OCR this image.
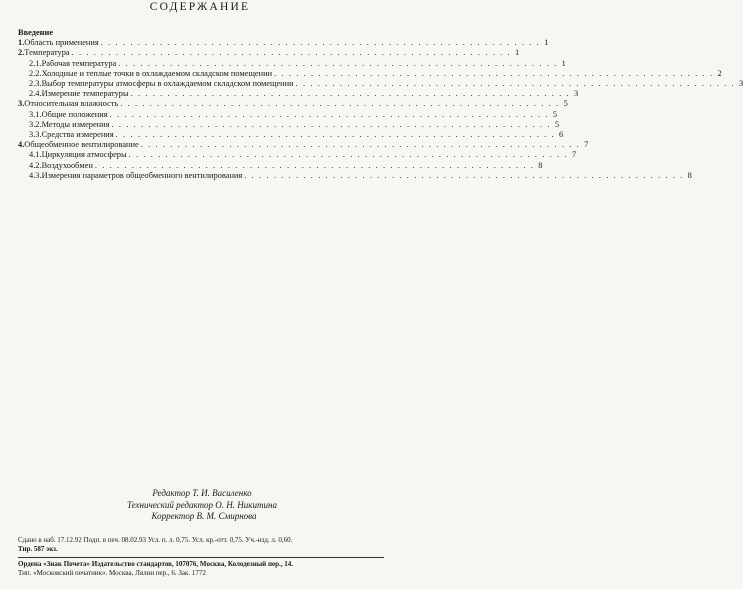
СОДЕРЖАНИЕ
Введение
1. Область применения . . . . . . . . . . . . . . . . . . . . . . . . . . . . . . . . . . . . . . . . . . . . . . . . . . . . . . . . . . . . 1
2. Температура . . . . . . . . . . . . . . . . . . . . . . . . . . . . . . . . . . . . . . . . . . . . . . . . . . . . . . . . . . . . 1
2.1. Рабочая температура . . . . . . . . . . . . . . . . . . . . . . . . . . . . . . . . . . . . . . . . . . . . . . . . . . . . . . . . . . . . 1
2.2. Холодные и теплые точки в охлаждаемом складском помещении . . . . . . . . . . . . . . . . . . . . . . . . . . . . . . . . . . . . . . . . . . . . . . . . . . . . . . . . . . . . 2
2.3. Выбор температуры атмосферы в охлаждаемом складском помещении . . . . . . . . . . . . . . . . . . . . . . . . . . . . . . . . . . . . . . . . . . . . . . . . . . . . . . . . . . . . 3
2.4. Измерение температуры . . . . . . . . . . . . . . . . . . . . . . . . . . . . . . . . . . . . . . . . . . . . . . . . . . . . . . . . . . . . 3
3. Относительная влажность . . . . . . . . . . . . . . . . . . . . . . . . . . . . . . . . . . . . . . . . . . . . . . . . . . . . . . . . . . . . 5
3.1. Общие положения . . . . . . . . . . . . . . . . . . . . . . . . . . . . . . . . . . . . . . . . . . . . . . . . . . . . . . . . . . . . 5
3.2. Методы измерения . . . . . . . . . . . . . . . . . . . . . . . . . . . . . . . . . . . . . . . . . . . . . . . . . . . . . . . . . . . . 5
3.3. Средства измерения . . . . . . . . . . . . . . . . . . . . . . . . . . . . . . . . . . . . . . . . . . . . . . . . . . . . . . . . . . . . 6
4. Общеобменное вентилирование . . . . . . . . . . . . . . . . . . . . . . . . . . . . . . . . . . . . . . . . . . . . . . . . . . . . . . . . . . . . 7
4.1. Циркуляция атмосферы . . . . . . . . . . . . . . . . . . . . . . . . . . . . . . . . . . . . . . . . . . . . . . . . . . . . . . . . . . . . 7
4.2. Воздухообмен . . . . . . . . . . . . . . . . . . . . . . . . . . . . . . . . . . . . . . . . . . . . . . . . . . . . . . . . . . . . 8
4.3. Измерения параметров общеобменного вентилирования . . . . . . . . . . . . . . . . . . . . . . . . . . . . . . . . . . . . . . . . . . . . . . . . . . . . . . . . . . . . 8
Редактор Т. И. Василенко
Технический редактор О. Н. Никитина
Корректор В. М. Смирнова
Сдано в наб. 17.12.92 Подп. в печ. 08.02.93 Усл. п. л. 0,75. Усл. кр.-отт. 0,75. Уч.-изд. л. 0,60.
Тир. 587 экз.
Ордена «Знак Почета» Издательство стандартов, 107076, Москва, Колодезный пер., 14.
Тип. «Московский печатник». Москва, Лялин пер., 6. Зак. 1772
